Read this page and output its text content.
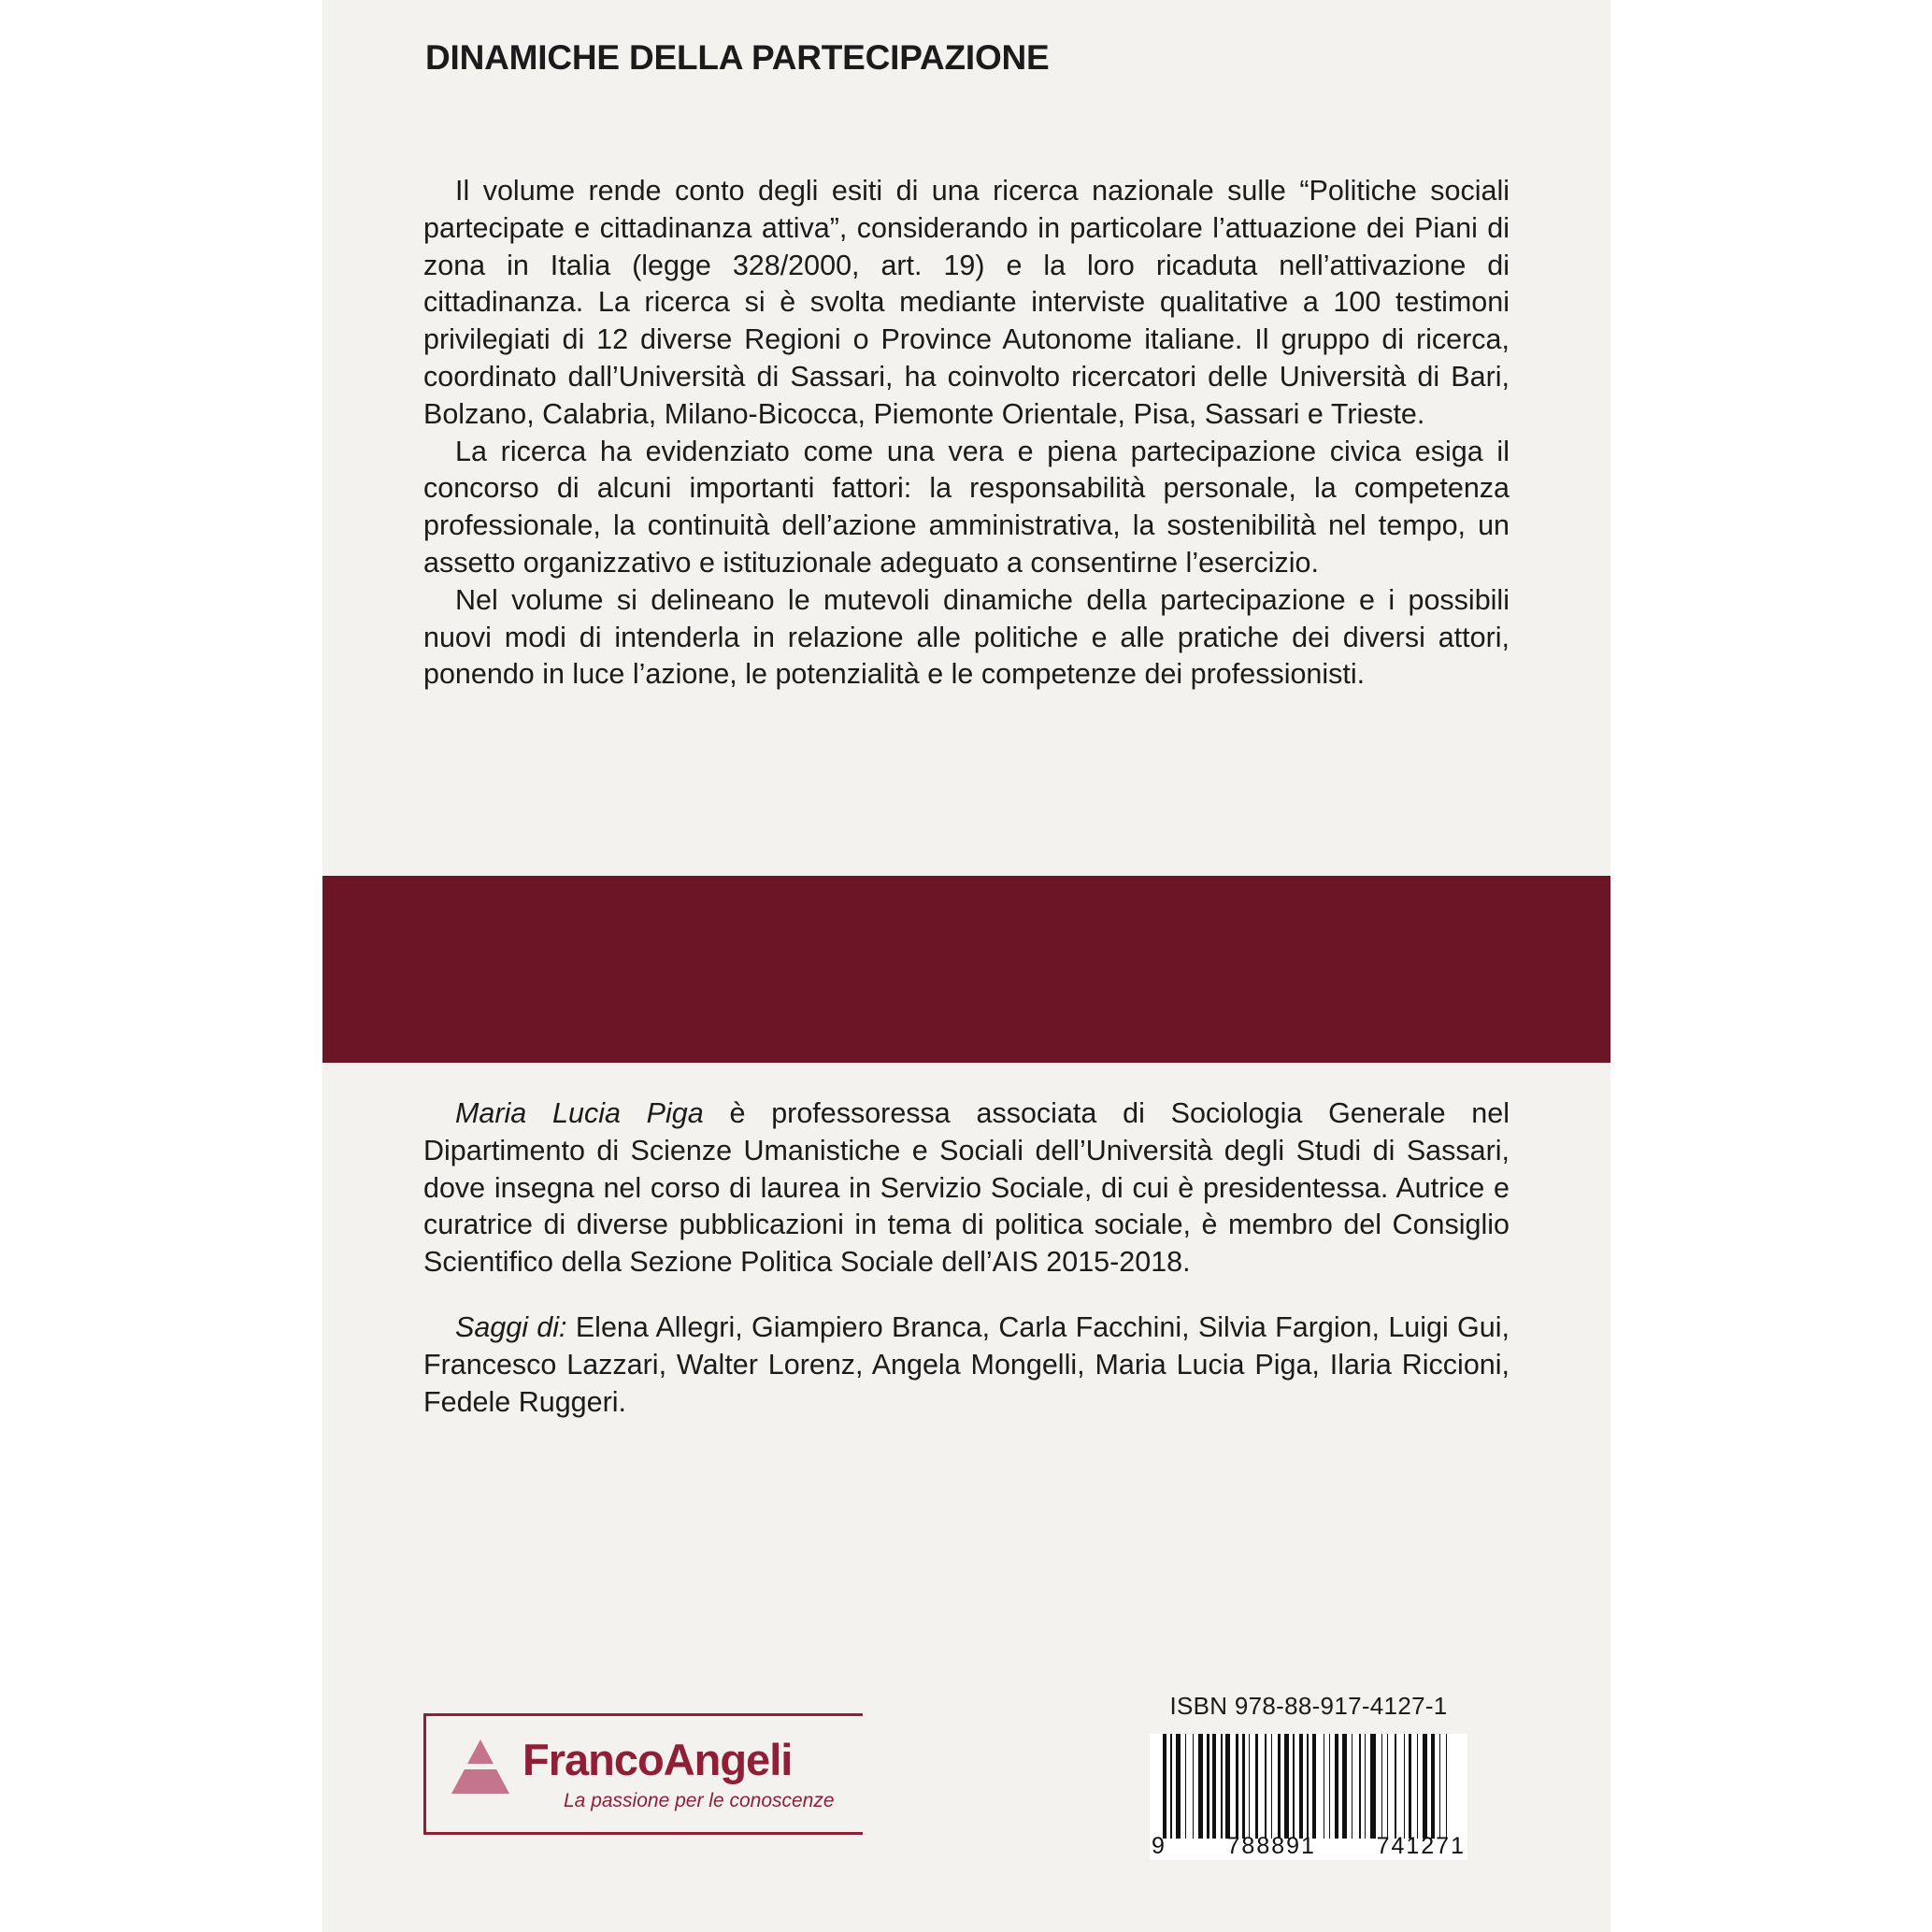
DINAMICHE DELLA PARTECIPAZIONE

Il volume rende conto degli esiti di una ricerca nazionale sulle “Politiche sociali partecipate e cittadinanza attiva”, considerando in particolare l’attuazione dei Piani di zona in Italia (legge 328/2000, art. 19) e la loro ricaduta nell’attivazione di cittadinanza. La ricerca si è svolta mediante interviste qualitative a 100 testimoni privilegiati di 12 diverse Regioni o Province Autonome italiane. Il gruppo di ricerca, coordinato dall’Università di Sassari, ha coinvolto ricercatori delle Università di Bari, Bolzano, Calabria, Milano-Bicocca, Piemonte Orientale, Pisa, Sassari e Trieste.

La ricerca ha evidenziato come una vera e piena partecipazione civica esiga il concorso di alcuni importanti fattori: la responsabilità personale, la competenza professionale, la continuità dell’azione amministrativa, la sostenibilità nel tempo, un assetto organizzativo e istituzionale adeguato a consentirne l’esercizio.

Nel volume si delineano le mutevoli dinamiche della partecipazione e i possibili nuovi modi di intenderla in relazione alle politiche e alle pratiche dei diversi attori, ponendo in luce l’azione, le potenzialità e le competenze dei professionisti.

Maria Lucia Piga è professoressa associata di Sociologia Generale nel Dipartimento di Scienze Umanistiche e Sociali dell’Università degli Studi di Sassari, dove insegna nel corso di laurea in Servizio Sociale, di cui è presidentessa. Autrice e curatrice di diverse pubblicazioni in tema di politica sociale, è membro del Consiglio Scientifico della Sezione Politica Sociale dell’AIS 2015-2018.

Saggi di: Elena Allegri, Giampiero Branca, Carla Facchini, Silvia Fargion, Luigi Gui, Francesco Lazzari, Walter Lorenz, Angela Mongelli, Maria Lucia Piga, Ilaria Riccioni, Fedele Ruggeri.

FrancoAngeli
La passione per le conoscenze
ISBN 978-88-917-4127-1
9	788891	741271
